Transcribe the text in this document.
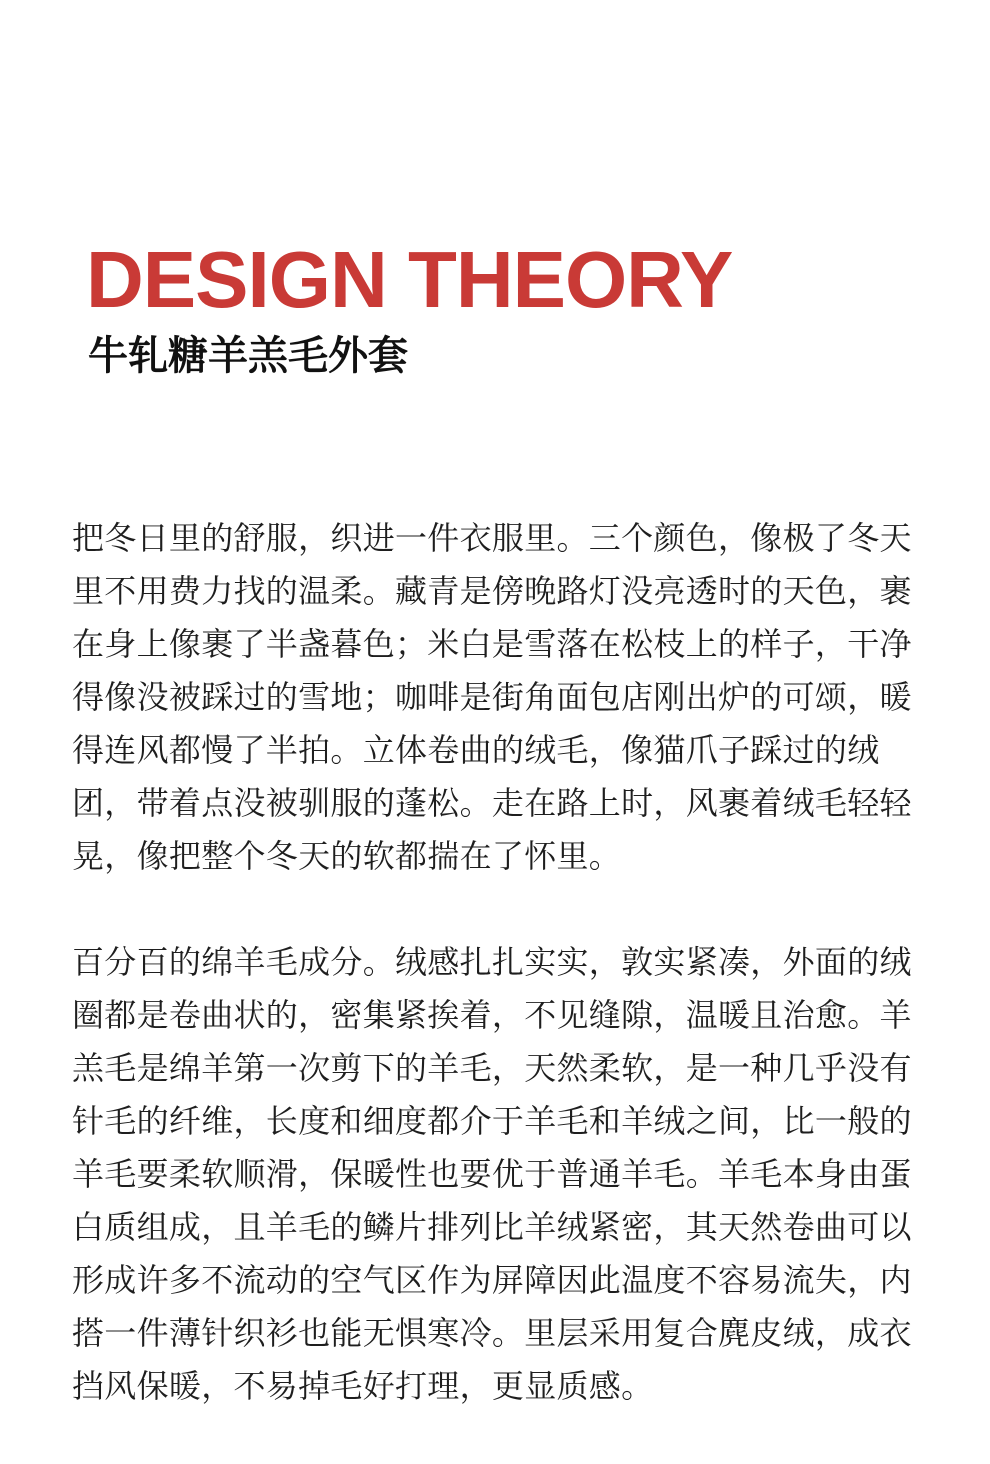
DESIGN THEORY
牛轧糖羊羔毛外套

把冬日里的舒服，织进一件衣服里。三个颜色，像极了冬天里不用费力找的温柔。藏青是傍晚路灯没亮透时的天色，裹在身上像裹了半盏暮色；米白是雪落在松枝上的样子，干净得像没被踩过的雪地；咖啡是街角面包店刚出炉的可颂，暖得连风都慢了半拍。立体卷曲的绒毛，像猫爪子踩过的绒团，带着点没被驯服的蓬松。走在路上时，风裹着绒毛轻轻晃，像把整个冬天的软都揣在了怀里。

百分百的绵羊毛成分。绒感扎扎实实，敦实紧凑，外面的绒圈都是卷曲状的，密集紧挨着，不见缝隙，温暖且治愈。羊羔毛是绵羊第一次剪下的羊毛，天然柔软，是一种几乎没有针毛的纤维，长度和细度都介于羊毛和羊绒之间，比一般的羊毛要柔软顺滑，保暖性也要优于普通羊毛。羊毛本身由蛋白质组成，且羊毛的鳞片排列比羊绒紧密，其天然卷曲可以形成许多不流动的空气区作为屏障因此温度不容易流失，内搭一件薄针织衫也能无惧寒冷。里层采用复合麂皮绒，成衣挡风保暖，不易掉毛好打理，更显质感。
